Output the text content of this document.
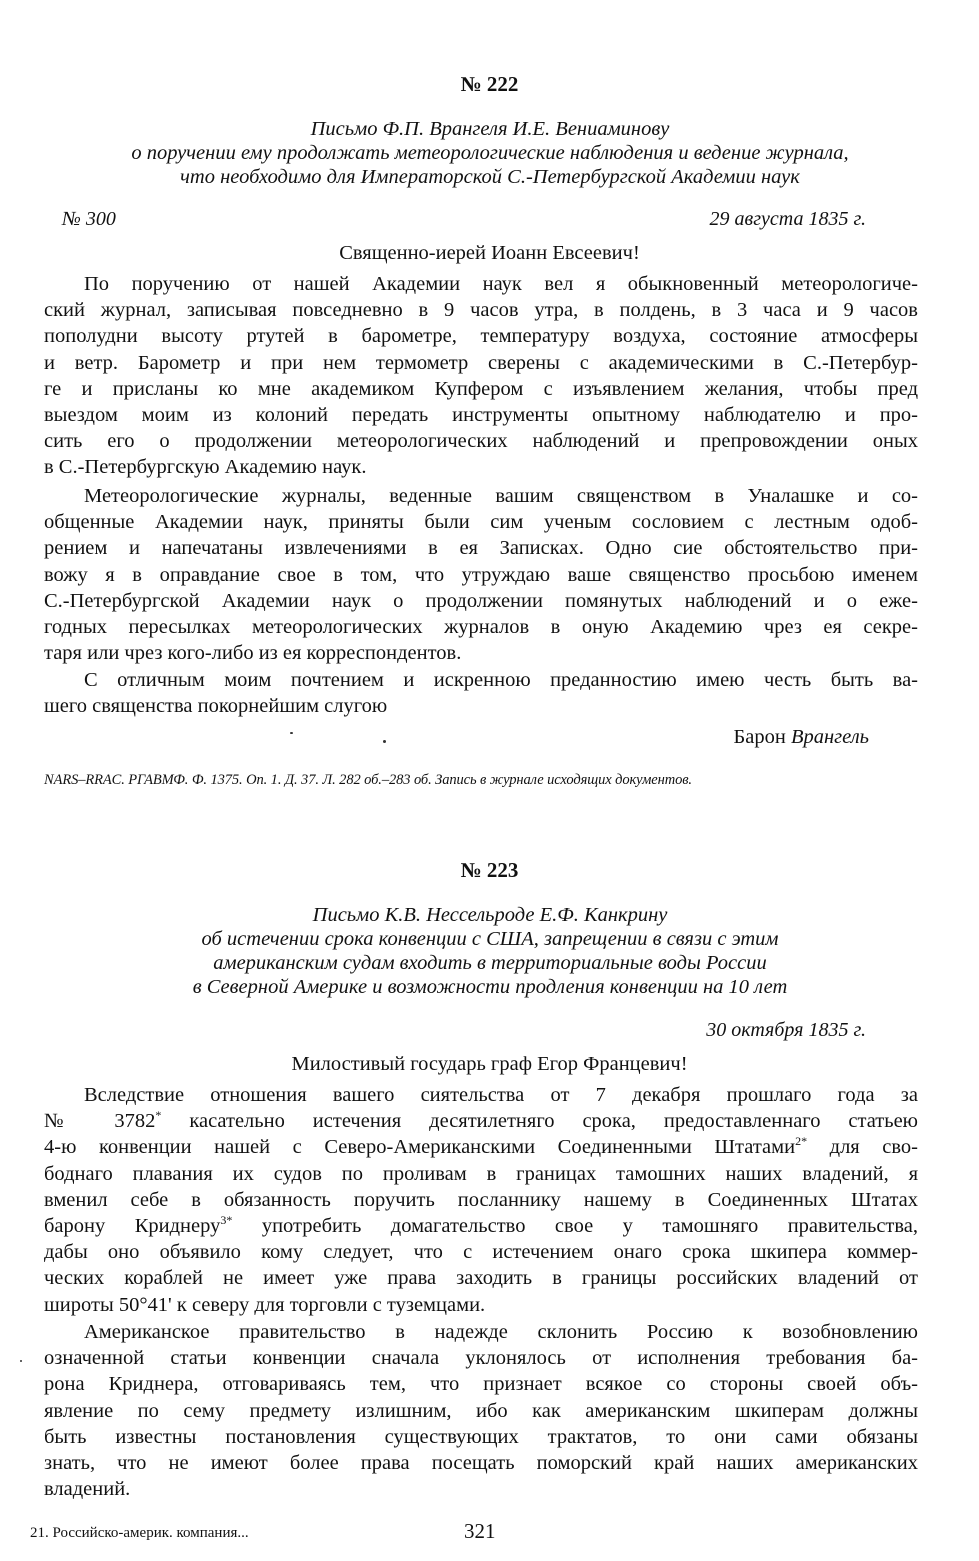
№ 222
Письмо Ф.П. Врангеля И.Е. Вениаминову
о поручении ему продолжать метеорологические наблюдения и ведение журнала,
что необходимо для Императорской С.-Петербургской Академии наук
№ 300	29 августа 1835 г.
Священно-иерей Иоанн Евсеевич!
По поручению от нашей Академии наук вел я обыкновенный метеорологиче-
ский журнал, записывая повседневно в 9 часов утра, в полдень, в 3 часа и 9 часов
пополудни высоту ртутей в барометре, температуру воздуха, состояние атмосферы
и ветр. Барометр и при нем термометр сверены с академическими в С.-Петербур-
ге и присланы ко мне академиком Купфером с изъявлением желания, чтобы пред
выездом моим из колоний передать инструменты опытному наблюдателю и про-
сить его о продолжении метеорологических наблюдений и препровождении оных
в С.-Петербургскую Академию наук.
Метеорологические журналы, веденные вашим священством в Уналашке и со-
общенные Академии наук, приняты были сим ученым сословием с лестным одоб-
рением и напечатаны извлечениями в ея Записках. Одно сие обстоятельство при-
вожу я в оправдание свое в том, что утруждаю ваше священство просьбою именем
С.-Петербургской Академии наук о продолжении помянутых наблюдений и о еже-
годных пересылках метеорологических журналов в оную Академию чрез ея секре-
таря или чрез кого-либо из ея корреспондентов.
С отличным моим почтением и искренною преданностию имею честь быть ва-
шего священства покорнейшим слугою
Барон Врангель
NARS–RRAC. РГАВМФ. Ф. 1375. Оп. 1. Д. 37. Л. 282 об.–283 об. Запись в журнале исходящих документов.
№ 223
Письмо К.В. Нессельроде Е.Ф. Канкрину
об истечении срока конвенции с США, запрещении в связи с этим
американским судам входить в территориальные воды России
в Северной Америке и возможности продления конвенции на 10 лет
30 октября 1835 г.
Милостивый государь граф Егор Францевич!
Вследствие отношения вашего сиятельства от 7 декабря прошлаго года за
№ 3782* касательно истечения десятилетняго срока, предоставленнаго статьею
4-ю конвенции нашей с Северо-Американскими Соединенными Штатами$^{2*}$ для сво-
боднаго плавания их судов по проливам в границах тамошних наших владений, я
вменил себе в обязанность поручить посланнику нашему в Соединенных Штатах
барону Криднеру$^{3*}$ употребить домагательство свое у тамошняго правительства,
дабы оно объявило кому следует, что с истечением онаго срока шкипера коммер-
ческих кораблей не имеет уже права заходить в границы российских владений от
широты 50°41' к северу для торговли с туземцами.
Американское правительство в надежде склонить Россию к возобновлению
означенной статьи конвенции сначала уклонялось от исполнения требования ба-
рона Криднера, отговариваясь тем, что признает всякое со стороны своей объ-
явление по сему предмету излишним, ибо как американским шкиперам должны
быть известны постановления существующих трактатов, то они сами обязаны
знать, что не имеют более права посещать поморский край наших американских
владений.
21. Российско-америк. компания...	321
